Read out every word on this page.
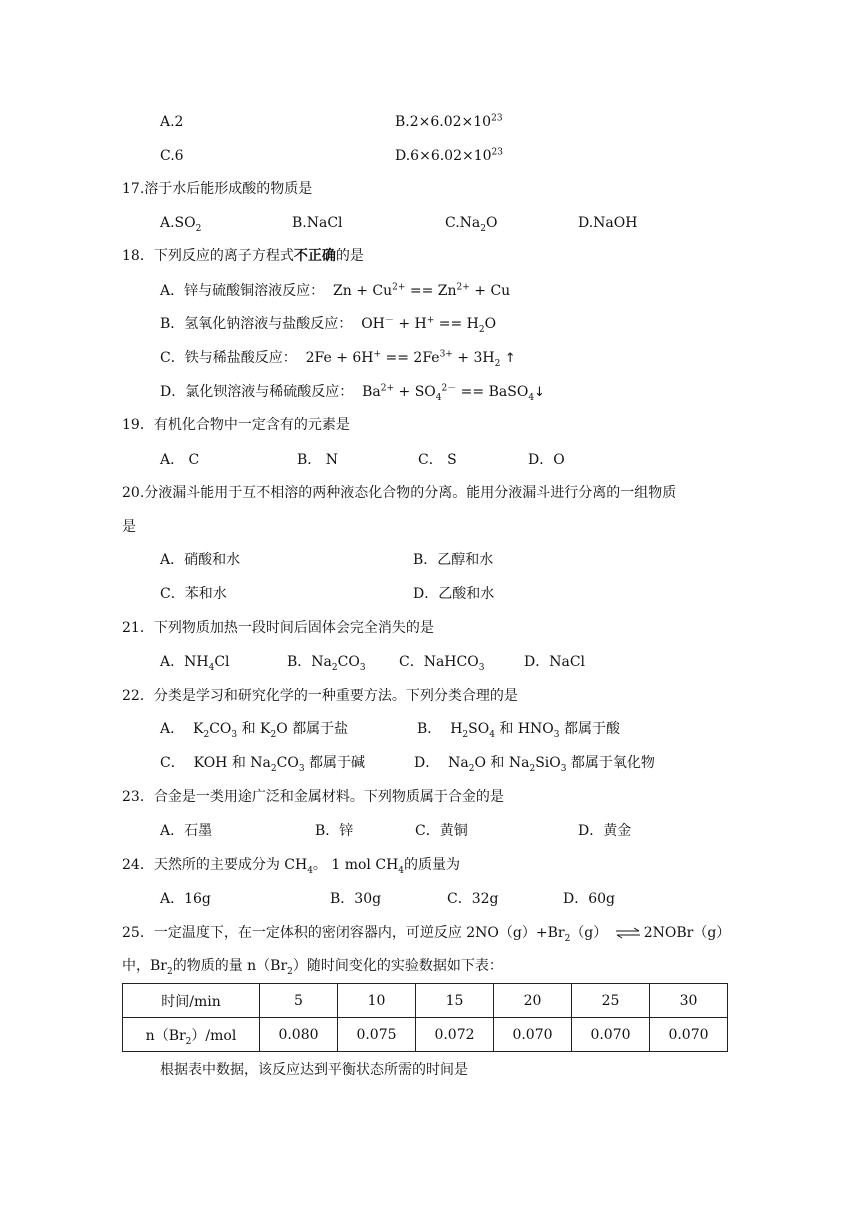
A.2	$B.2\times 6.02\times 10^{23}$
C.6	$D.6\times 6.02\times 10^{23}$
17.溶于水后能形成酸的物质是
$A.SO_2$	B.NaCl	$C.Na_2O$	D.NaOH
18．下列反应的离子方程式不正确的是
A．锌与硫酸铜溶液反应：  $Zn + Cu^{2+} == Zn^{2+} + Cu$
B．氢氧化钠溶液与盐酸反应：  $OH^- + H^+ == H_2O$
C．铁与稀盐酸反应：  $2Fe + 6H^+ == 2Fe^{3+} + 3H_2$ ↑
D．氯化钡溶液与稀硫酸反应：  $Ba^{2+} + SO_4^{2-}$ == BaSO$_4$↓
19．有机化合物中一定含有的元素是
A． C	B． N	C． S	D．O
20.分液漏斗能用于互不相溶的两种液态化合物的分离。能用分液漏斗进行分离的一组物质
是
A．硝酸和水	B．乙醇和水
C．苯和水	D．乙酸和水
21．下列物质加热一段时间后固体会完全消失的是
A．$NH_4Cl$	B．$Na_2CO_3$ C．NaHCO$_3$	D．NaCl
22．分类是学习和研究化学的一种重要方法。下列分类合理的是
A．  $K_2CO_3$ 和 $K_2O$ 都属于盐	B．  $H_2SO_4$ 和 $HNO_3$ 都属于酸
C．  KOH 和 $Na_2CO_3$ 都属于碱	D．  $Na_2O$ 和 $Na_2SiO_3$ 都属于氧化物
23．合金是一类用途广泛和金属材料。下列物质属于合金的是
A．石墨	B．锌	C．黄铜	D．黄金
24．天然所的主要成分为 $CH_4$。 1 mol $CH_4$的质量为
A．16g	B．30g	C．32g	D．60g
25．一定温度下，在一定体积的密闭容器内，可逆反应 $2NO(g)+Br_2(g)$ ⇌ 2NOBr（g）
中，$Br_2$的物质的量 $n(Br_2)$随时间变化的实验数据如下表：
时间/min	5	10	15	20	25	30
$n(Br_2)$/mol	0.080	0.075	0.072	0.070	0.070	0.070
根据表中数据，该反应达到平衡状态所需的时间是
